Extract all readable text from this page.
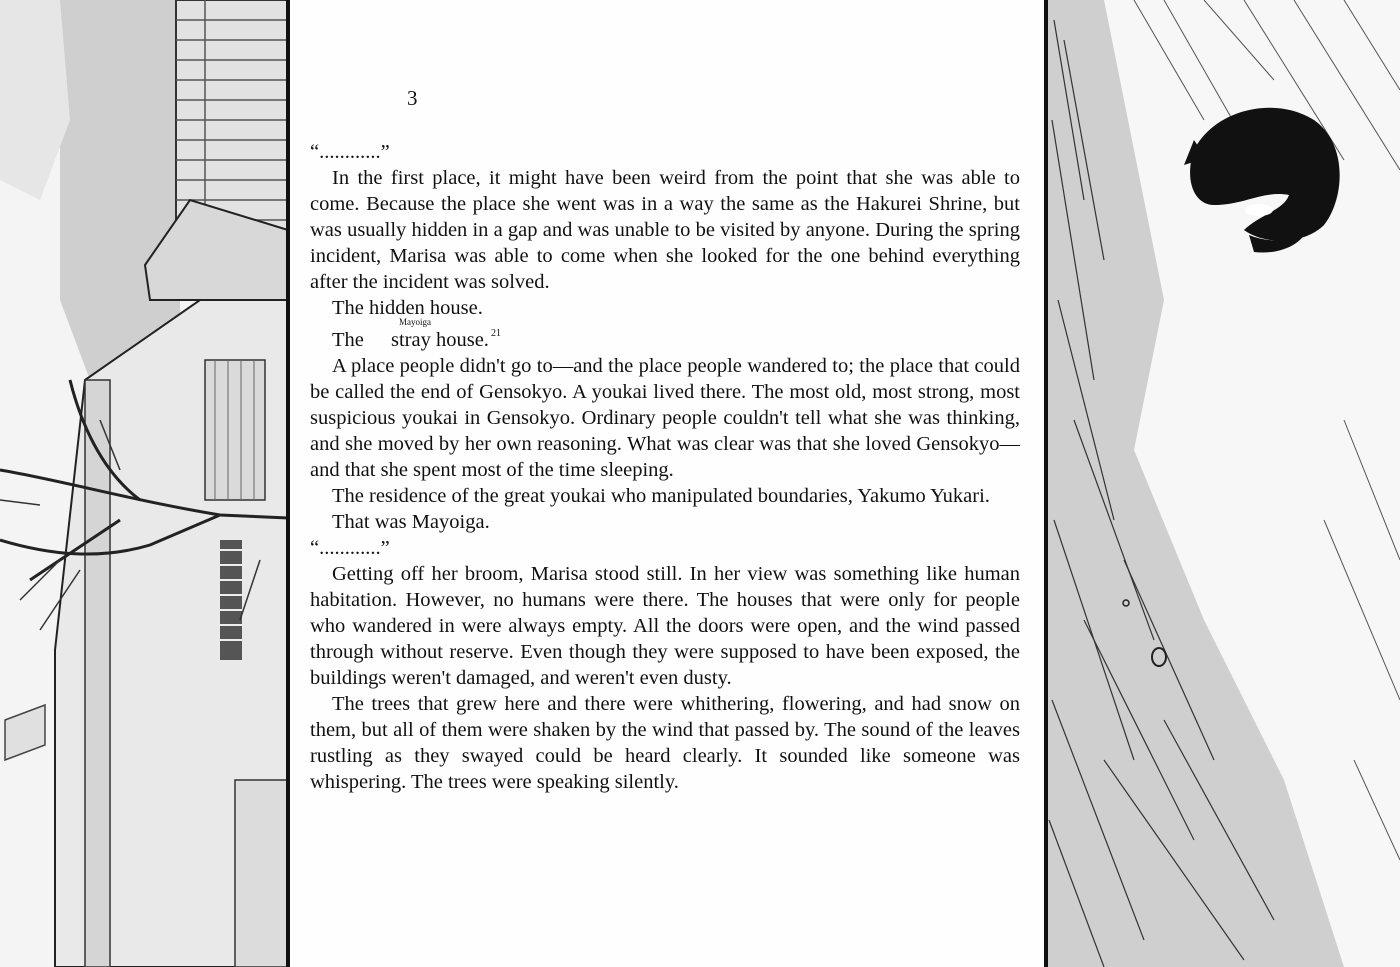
3

“............”

In the first place, it might have been weird from the point that she was able to come. Because the place she went was in a way the same as the Hakurei Shrine, but was usually hidden in a gap and was unable to be visited by anyone. During the spring incident, Marisa was able to come when she looked for the one behind everything after the incident was solved.

The hidden house.

The
Mayoiga
stray house. $^{21}$

A place people didn't go to—and the place people wandered to; the place that could be called the end of Gensokyo. A youkai lived there. The most old, most strong, most suspicious youkai in Gensokyo. Ordinary people couldn't tell what she was thinking, and she moved by her own reasoning. What was clear was that she loved Gensokyo—and that she spent most of the time sleeping.

The residence of the great youkai who manipulated boundaries, Yakumo Yukari.

That was Mayoiga.

“............”

Getting off her broom, Marisa stood still. In her view was something like human habitation. However, no humans were there. The houses that were only for people who wandered in were always empty. All the doors were open, and the wind passed through without reserve. Even though they were supposed to have been exposed, the buildings weren't damaged, and weren't even dusty.

The trees that grew here and there were whithering, flowering, and had snow on them, but all of them were shaken by the wind that passed by. The sound of the leaves rustling as they swayed could be heard clearly. It sounded like someone was whispering. The trees were speaking silently.
